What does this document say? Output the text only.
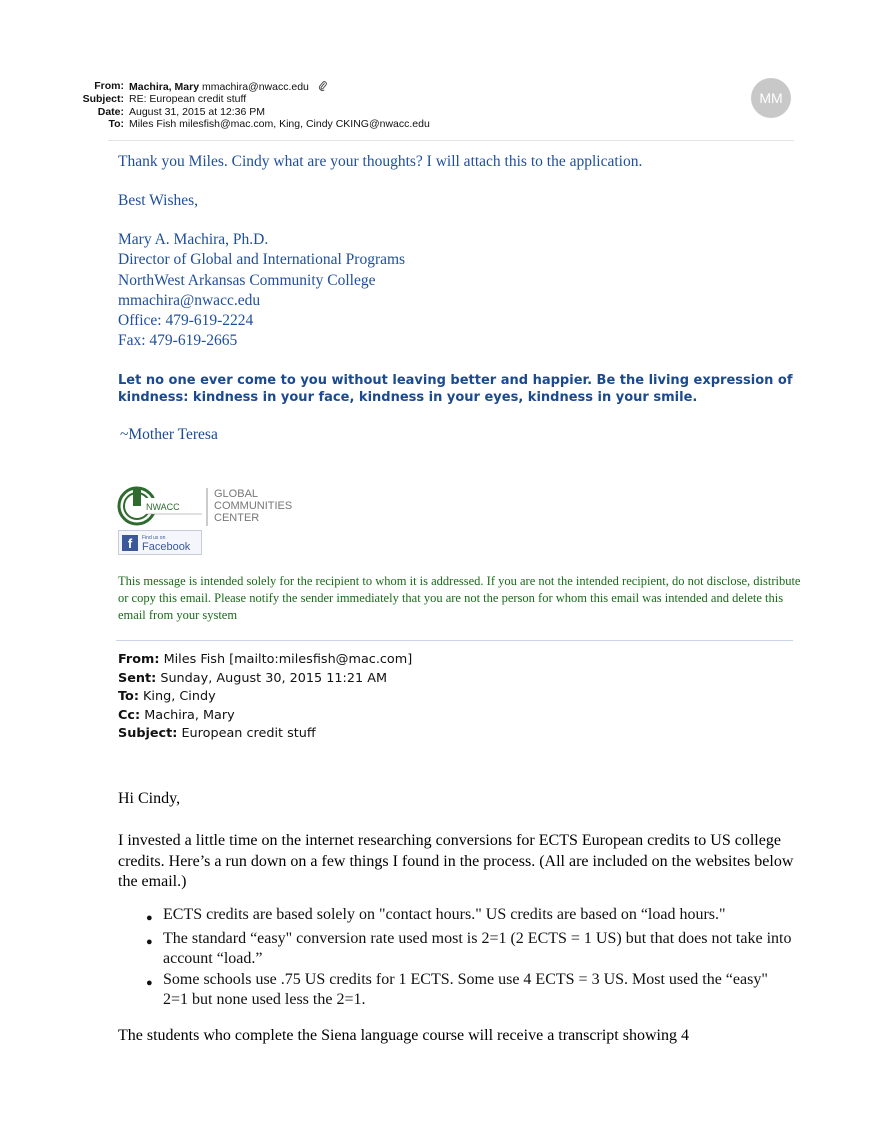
From: Machira, Mary mmachira@nwacc.edu
Subject: RE: European credit stuff
Date: August 31, 2015 at 12:36 PM
To: Miles Fish milesfish@mac.com, King, Cindy CKING@nwacc.edu
MM
Thank you Miles. Cindy what are your thoughts? I will attach this to the application.
Best Wishes,
Mary A. Machira, Ph.D.
Director of Global and International Programs
NorthWest Arkansas Community College
mmachira@nwacc.edu
Office: 479-619-2224
Fax: 479-619-2665
Let no one ever come to you without leaving better and happier. Be the living expression of kindness: kindness in your face, kindness in your eyes, kindness in your smile.
~Mother Teresa
NWACC
GLOBAL
COMMUNITIES
CENTER
f	Find us on
Facebook
This message is intended solely for the recipient to whom it is addressed. If you are not the intended recipient, do not disclose, distribute or copy this email. Please notify the sender immediately that you are not the person for whom this email was intended and delete this email from your system
From: Miles Fish [mailto:milesfish@mac.com]
Sent: Sunday, August 30, 2015 11:21 AM
To: King, Cindy
Cc: Machira, Mary
Subject: European credit stuff
Hi Cindy,
I invested a little time on the internet researching conversions for ECTS European credits to US college credits. Here’s a run down on a few things I found in the process. (All are included on the websites below the email.)
● ECTS credits are based solely on "contact hours." US credits are based on “load hours."
● The standard “easy" conversion rate used most is 2=1 (2 ECTS = 1 US) but that does not take into account “load.”
● Some schools use .75 US credits for 1 ECTS. Some use 4 ECTS = 3 US. Most used the “easy" 2=1 but none used less the 2=1.
The students who complete the Siena language course will receive a transcript showing 4
